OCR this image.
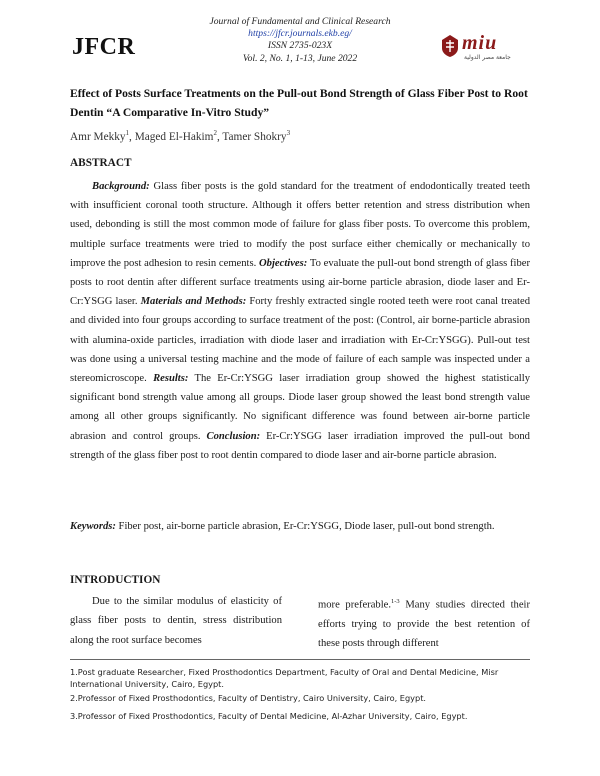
JFCR
Journal of Fundamental and Clinical Research
https://jfcr.journals.ekb.eg/
ISSN 2735-023X
Vol. 2, No. 1, 1-13, June 2022
miu
جامعة مصر الدولية
Effect of Posts Surface Treatments on the Pull-out Bond Strength of Glass Fiber Post to Root Dentin “A Comparative In-Vitro Study”
Amr Mekky$^1$, Maged El-Hakim$^2$, Tamer Shokry$^3$
ABSTRACT
Background: Glass fiber posts is the gold standard for the treatment of endodontically treated teeth with insufficient coronal tooth structure. Although it offers better retention and stress distribution when used, debonding is still the most common mode of failure for glass fiber posts. To overcome this problem, multiple surface treatments were tried to modify the post surface either chemically or mechanically to improve the post adhesion to resin cements. Objectives: To evaluate the pull-out bond strength of glass fiber posts to root dentin after different surface treatments using air-borne particle abrasion, diode laser and Er-Cr:YSGG laser. Materials and Methods: Forty freshly extracted single rooted teeth were root canal treated and divided into four groups according to surface treatment of the post: (Control, air borne-particle abrasion with alumina-oxide particles, irradiation with diode laser and irradiation with Er-Cr:YSGG). Pull-out test was done using a universal testing machine and the mode of failure of each sample was inspected under a stereomicroscope. Results: The Er-Cr:YSGG laser irradiation group showed the highest statistically significant bond strength value among all groups. Diode laser group showed the least bond strength value among all other groups significantly. No significant difference was found between air-borne particle abrasion and control groups. Conclusion: Er-Cr:YSGG laser irradiation improved the pull-out bond strength of the glass fiber post to root dentin compared to diode laser and air-borne particle abrasion.
Keywords: Fiber post, air-borne particle abrasion, Er-Cr:YSGG, Diode laser, pull-out bond strength.
INTRODUCTION
Due to the similar modulus of elasticity of glass fiber posts to dentin, stress distribution along the root surface becomes
more preferable.$^{1-3}$ Many studies directed their efforts trying to provide the best retention of these posts through different
1.Post graduate Researcher, Fixed Prosthodontics Department, Faculty of Oral and Dental Medicine, Misr International University, Cairo, Egypt.
2.Professor of Fixed Prosthodontics, Faculty of Dentistry, Cairo University, Cairo, Egypt.
3.Professor of Fixed Prosthodontics, Faculty of Dental Medicine, Al-Azhar University, Cairo, Egypt.
